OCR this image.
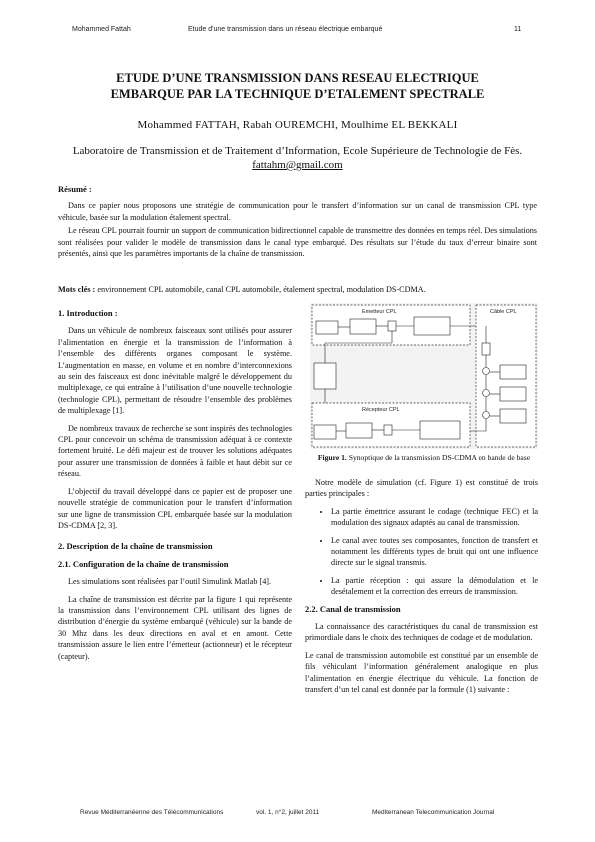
Mohammed Fattah	Etude d'une transmission dans un réseau électrique embarqué	11
ETUDE D’UNE TRANSMISSION DANS RESEAU ELECTRIQUE
EMBARQUE PAR LA TECHNIQUE D’ETALEMENT SPECTRALE
Mohammed FATTAH, Rabah OUREMCHI, Moulhime EL BEKKALI
Laboratoire de Transmission et de Traitement d’Information, Ecole Supérieure de Technologie de Fès. fattahm@gmail.com
Résumé :

Dans ce papier nous proposons une stratégie de communication pour le transfert d’information sur un canal de transmission CPL type véhicule, basée sur la modulation étalement spectral.

Le réseau CPL pourrait fournir un support de communication bidirectionnel capable de transmettre des données en temps réel. Des simulations sont réalisées pour valider le modèle de transmission dans le canal type embarqué. Des résultats sur l’étude du taux d’erreur binaire sont présentés, ainsi que les paramètres importants de la chaîne de transmission.

Mots clés : environnement CPL automobile, canal CPL automobile, étalement spectral, modulation DS-CDMA.
1. Introduction :

Dans un véhicule de nombreux faisceaux sont utilisés pour assurer l’alimentation en énergie et la transmission de l’information à l’ensemble des différents organes composant le système. L’augmentation en masse, en volume et en nombre d’interconnexions au sein des faisceaux est donc inévitable malgré le développement du multiplexage, ce qui entraîne à l’utilisation d’une nouvelle technologie (technologie CPL), permettant de résoudre l’ensemble des problèmes de multiplexage [1].

De nombreux travaux de recherche se sont inspirés des technologies CPL pour concevoir un schéma de transmission adéquat à ce contexte fortement bruité. Le défi majeur est de trouver les solutions adéquates pour assurer une transmission de données à faible et haut débit sur ce réseau.

L’objectif du travail développé dans ce papier est de proposer une nouvelle stratégie de communication pour le transfert d’information sur une ligne de transmission CPL embarquée basée sur la modulation DS-CDMA [2, 3].

2. Description de la chaîne de transmission
2.1. Configuration de la chaîne de transmission

Les simulations sont réalisées par l’outil Simulink Matlab [4].

La chaîne de transmission est décrite par la figure 1 qui représente la transmission dans l’environnement CPL utilisant des lignes de distribution d’énergie du système embarqué (véhicule) sur la bande de 30 Mhz dans les deux directions en aval et en amont. Cette transmission assure le lien entre l’émetteur (actionneur) et le récepteur (capteur).

Emetteur CPL	Câble CPL
Récepteur CPL
Figure 1. Synoptique de la transmission DS-CDMA en bande de base

Notre modèle de simulation (cf. Figure 1) est constitué de trois parties principales :

• La partie émettrice assurant le codage (technique FEC) et la modulation des signaux adaptés au canal de transmission.
• Le canal avec toutes ses composantes, fonction de transfert et notamment les différents types de bruit qui ont une influence directe sur le signal transmis.
• La partie réception : qui assure la démodulation et le desétalement et la correction des erreurs de transmission.
2.2. Canal de transmission

La connaissance des caractéristiques du canal de transmission est primordiale dans le choix des techniques de codage et de modulation.

Le canal de transmission automobile est constitué par un ensemble de fils véhiculant l’information généralement analogique en plus l’alimentation en énergie électrique du véhicule. La fonction de transfert d’un tel canal est donnée par la formule (1) suivante :

Revue Méditerranéenne des Télécommunications	vol. 1, n°2, juillet 2011	Mediterranean Telecommunication Journal
